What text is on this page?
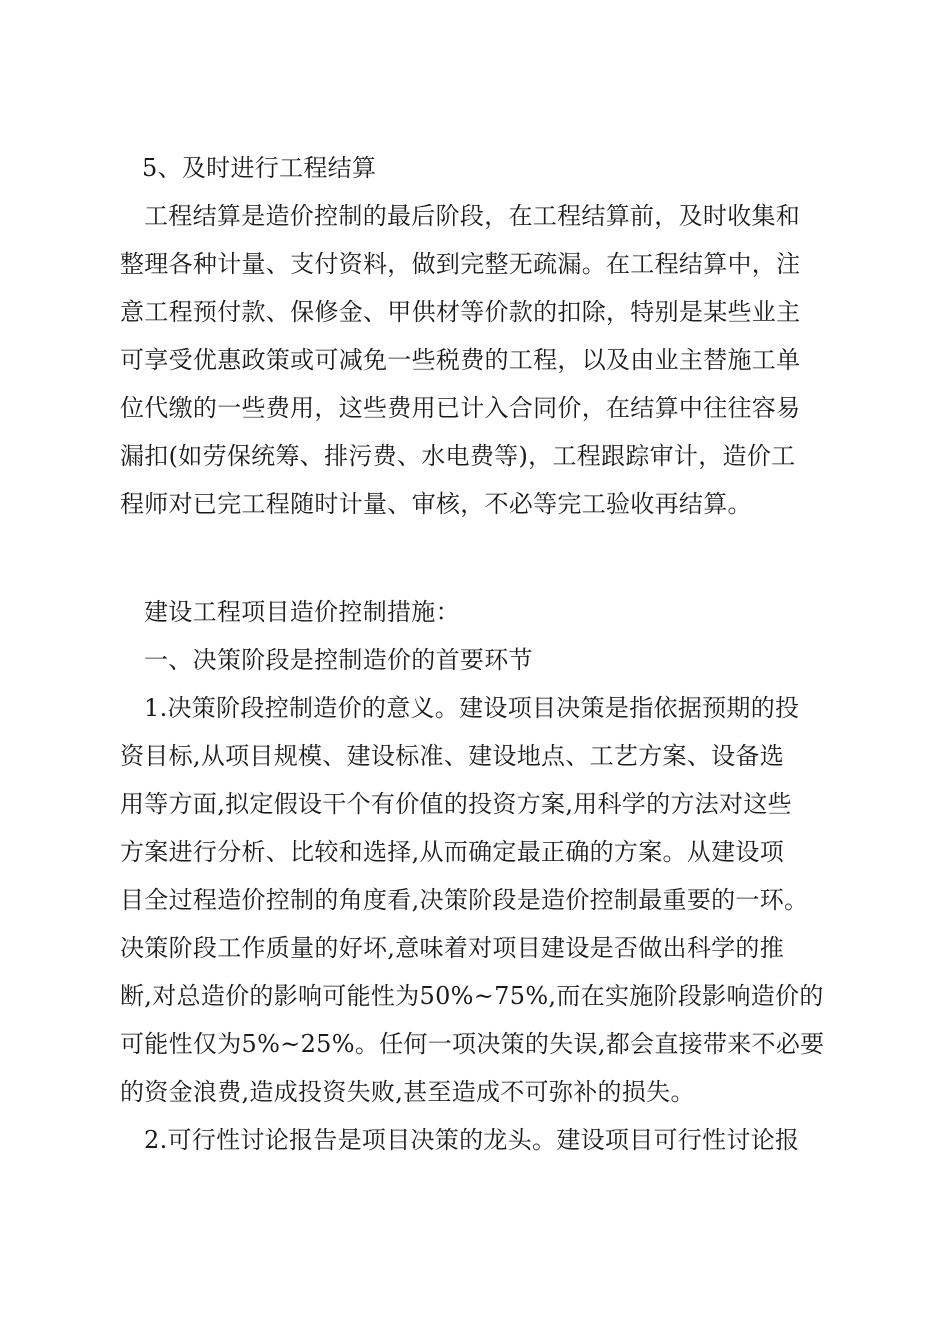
5、及时进行工程结算
工程结算是造价控制的最后阶段，在工程结算前，及时收集和
整理各种计量、支付资料，做到完整无疏漏。在工程结算中，注
意工程预付款、保修金、甲供材等价款的扣除，特别是某些业主
可享受优惠政策或可减免一些税费的工程，以及由业主替施工单
位代缴的一些费用，这些费用已计入合同价，在结算中往往容易
漏扣(如劳保统筹、排污费、水电费等)，工程跟踪审计，造价工
程师对已完工程随时计量、审核，不必等完工验收再结算。
建设工程项目造价控制措施：
一、决策阶段是控制造价的首要环节
1.决策阶段控制造价的意义。建设项目决策是指依据预期的投
资目标,从项目规模、建设标准、建设地点、工艺方案、设备选
用等方面,拟定假设干个有价值的投资方案,用科学的方法对这些
方案进行分析、比较和选择,从而确定最正确的方案。从建设项
目全过程造价控制的角度看,决策阶段是造价控制最重要的一环。
决策阶段工作质量的好坏,意味着对项目建设是否做出科学的推
断,对总造价的影响可能性为50%~75%,而在实施阶段影响造价的
可能性仅为5%~25%。任何一项决策的失误,都会直接带来不必要
的资金浪费,造成投资失败,甚至造成不可弥补的损失。
2.可行性讨论报告是项目决策的龙头。建设项目可行性讨论报
